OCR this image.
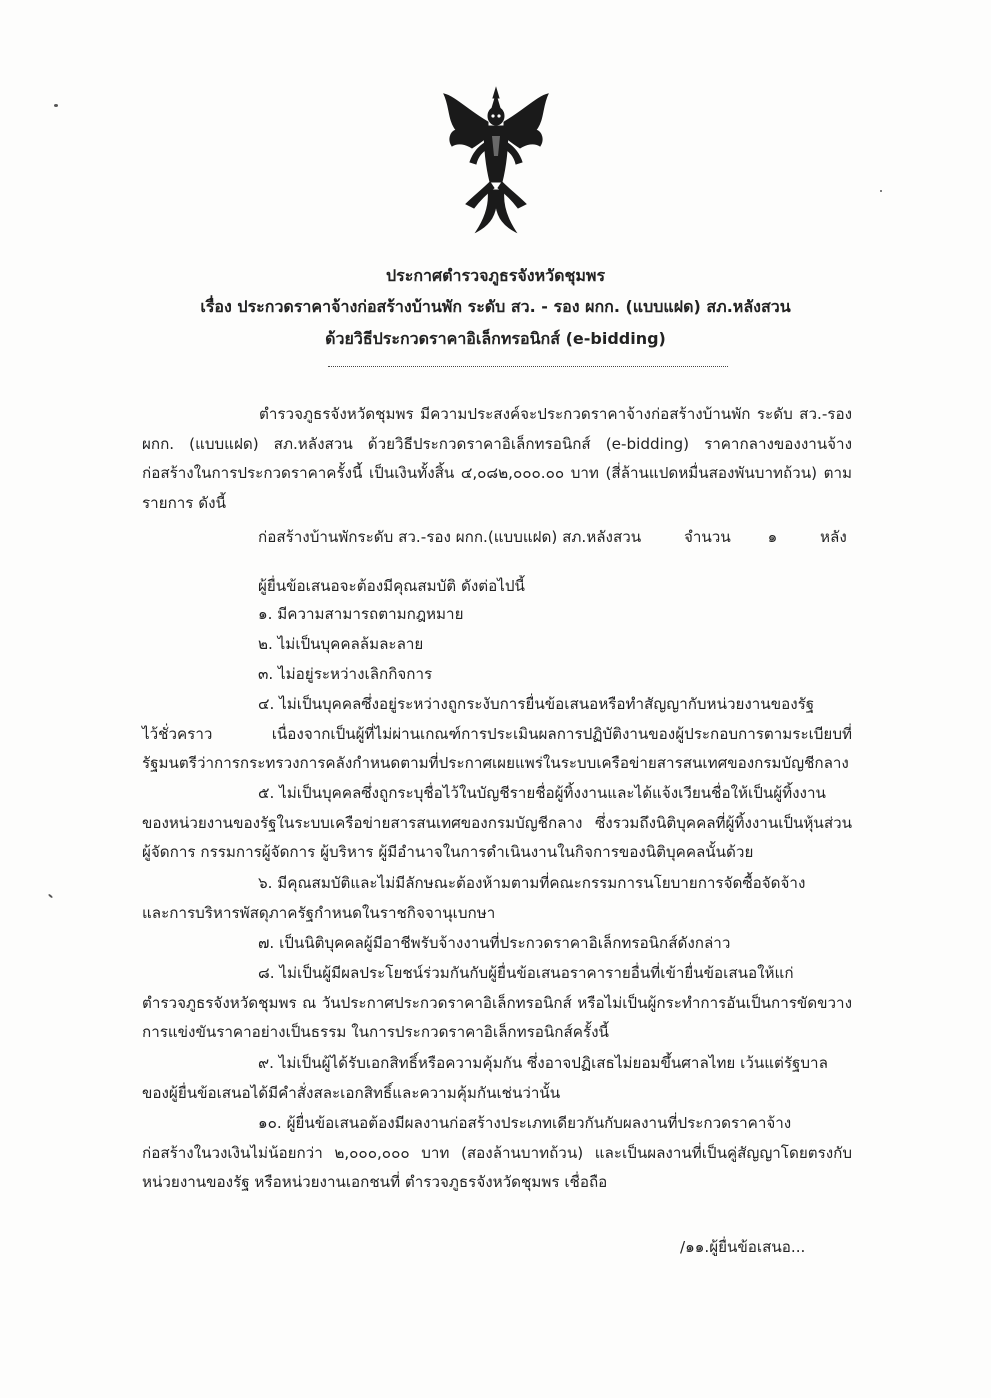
ประกาศตำรวจภูธรจังหวัดชุมพร
เรื่อง ประกวดราคาจ้างก่อสร้างบ้านพัก ระดับ สว. - รอง ผกก. (แบบแฝด) สภ.หลังสวน
ด้วยวิธีประกวดราคาอิเล็กทรอนิกส์ (e-bidding)
ตำรวจภูธรจังหวัดชุมพร มีความประสงค์จะประกวดราคาจ้างก่อสร้างบ้านพัก ระดับ สว.-รอง ผกก. (แบบแฝด) สภ.หลังสวน ด้วยวิธีประกวดราคาอิเล็กทรอนิกส์ (e-bidding) ราคากลางของงานจ้างก่อสร้างในการประกวดราคาครั้งนี้ เป็นเงินทั้งสิ้น ๔,๐๘๒,๐๐๐.๐๐ บาท (สี่ล้านแปดหมื่นสองพันบาทถ้วน) ตามรายการ ดังนี้
ก่อสร้างบ้านพักระดับ สว.-รอง ผกก.(แบบแฝด) สภ.หลังสวน	จำนวน ๑	หลัง
ผู้ยื่นข้อเสนอจะต้องมีคุณสมบัติ ดังต่อไปนี้
๑. มีความสามารถตามกฎหมาย
๒. ไม่เป็นบุคคลล้มละลาย
๓. ไม่อยู่ระหว่างเลิกกิจการ
๔. ไม่เป็นบุคคลซึ่งอยู่ระหว่างถูกระงับการยื่นข้อเสนอหรือทำสัญญากับหน่วยงานของรัฐ
ไว้ชั่วคราว เนื่องจากเป็นผู้ที่ไม่ผ่านเกณฑ์การประเมินผลการปฏิบัติงานของผู้ประกอบการตามระเบียบที่รัฐมนตรีว่าการกระทรวงการคลังกำหนดตามที่ประกาศเผยแพร่ในระบบเครือข่ายสารสนเทศของกรมบัญชีกลาง
๕. ไม่เป็นบุคคลซึ่งถูกระบุชื่อไว้ในบัญชีรายชื่อผู้ทิ้งงานและได้แจ้งเวียนชื่อให้เป็นผู้ทิ้งงาน
ของหน่วยงานของรัฐในระบบเครือข่ายสารสนเทศของกรมบัญชีกลาง ซึ่งรวมถึงนิติบุคคลที่ผู้ทิ้งงานเป็นหุ้นส่วนผู้จัดการ กรรมการผู้จัดการ ผู้บริหาร ผู้มีอำนาจในการดำเนินงานในกิจการของนิติบุคคลนั้นด้วย
๖. มีคุณสมบัติและไม่มีลักษณะต้องห้ามตามที่คณะกรรมการนโยบายการจัดซื้อจัดจ้าง
และการบริหารพัสดุภาครัฐกำหนดในราชกิจจานุเบกษา
๗. เป็นนิติบุคคลผู้มีอาชีพรับจ้างงานที่ประกวดราคาอิเล็กทรอนิกส์ดังกล่าว
๘. ไม่เป็นผู้มีผลประโยชน์ร่วมกันกับผู้ยื่นข้อเสนอราคารายอื่นที่เข้ายื่นข้อเสนอให้แก่
ตำรวจภูธรจังหวัดชุมพร ณ วันประกาศประกวดราคาอิเล็กทรอนิกส์ หรือไม่เป็นผู้กระทำการอันเป็นการขัดขวางการแข่งขันราคาอย่างเป็นธรรม ในการประกวดราคาอิเล็กทรอนิกส์ครั้งนี้
๙. ไม่เป็นผู้ได้รับเอกสิทธิ์หรือความคุ้มกัน ซึ่งอาจปฏิเสธไม่ยอมขึ้นศาลไทย เว้นแต่รัฐบาล
ของผู้ยื่นข้อเสนอได้มีคำสั่งสละเอกสิทธิ์และความคุ้มกันเช่นว่านั้น
๑๐. ผู้ยื่นข้อเสนอต้องมีผลงานก่อสร้างประเภทเดียวกันกับผลงานที่ประกวดราคาจ้าง
ก่อสร้างในวงเงินไม่น้อยกว่า ๒,๐๐๐,๐๐๐ บาท (สองล้านบาทถ้วน) และเป็นผลงานที่เป็นคู่สัญญาโดยตรงกับหน่วยงานของรัฐ หรือหน่วยงานเอกชนที่ ตำรวจภูธรจังหวัดชุมพร เชื่อถือ
/๑๑.ผู้ยื่นข้อเสนอ...
